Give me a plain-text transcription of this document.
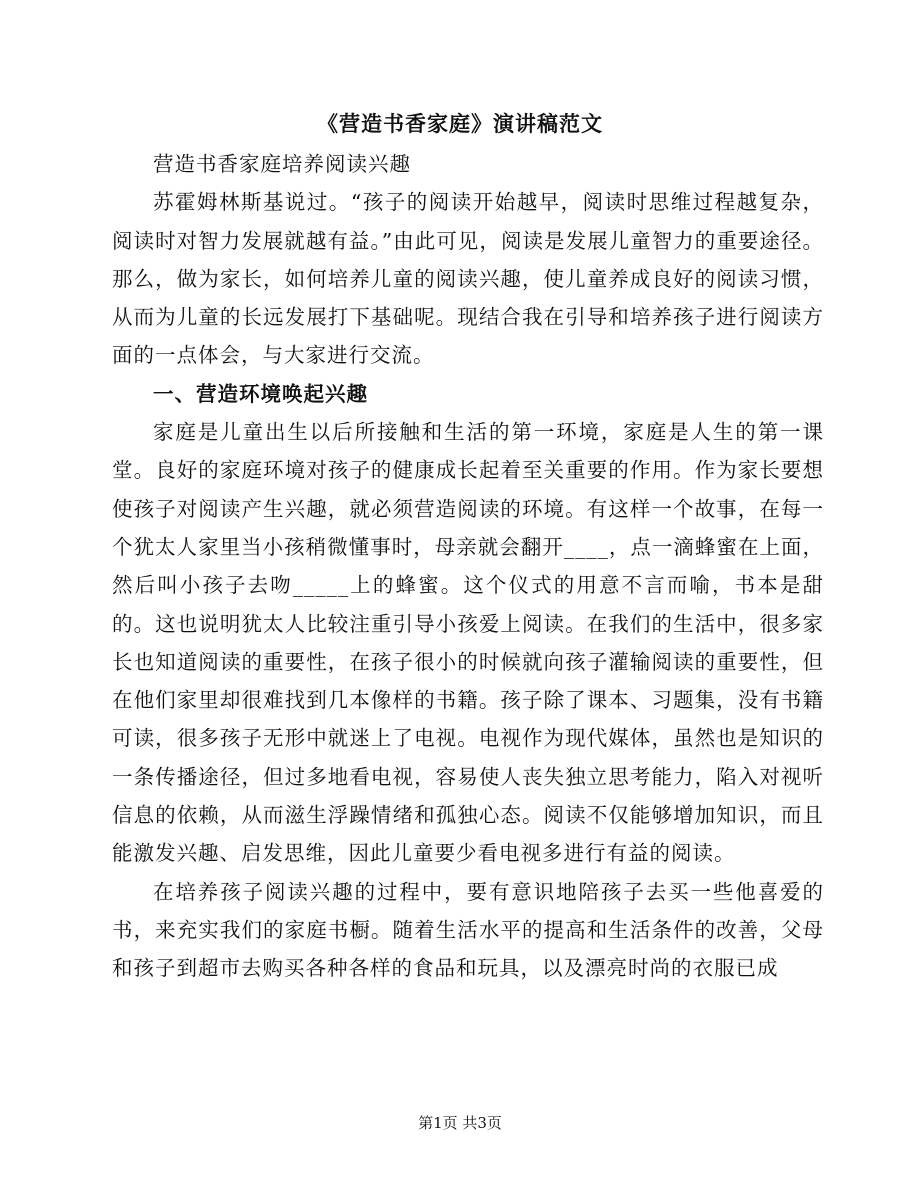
《营造书香家庭》演讲稿范文

营造书香家庭培养阅读兴趣

苏霍姆林斯基说过。“孩子的阅读开始越早，阅读时思维过程越复杂，阅读时对智力发展就越有益。”由此可见，阅读是发展儿童智力的重要途径。那么，做为家长，如何培养儿童的阅读兴趣，使儿童养成良好的阅读习惯，从而为儿童的长远发展打下基础呢。现结合我在引导和培养孩子进行阅读方面的一点体会，与大家进行交流。

一、营造环境唤起兴趣

家庭是儿童出生以后所接触和生活的第一环境，家庭是人生的第一课堂。良好的家庭环境对孩子的健康成长起着至关重要的作用。作为家长要想使孩子对阅读产生兴趣，就必须营造阅读的环境。有这样一个故事，在每一个犹太人家里当小孩稍微懂事时，母亲就会翻开____，点一滴蜂蜜在上面，然后叫小孩子去吻_____上的蜂蜜。这个仪式的用意不言而喻，书本是甜的。这也说明犹太人比较注重引导小孩爱上阅读。在我们的生活中，很多家长也知道阅读的重要性，在孩子很小的时候就向孩子灌输阅读的重要性，但在他们家里却很难找到几本像样的书籍。孩子除了课本、习题集，没有书籍可读，很多孩子无形中就迷上了电视。电视作为现代媒体，虽然也是知识的一条传播途径，但过多地看电视，容易使人丧失独立思考能力，陷入对视听信息的依赖，从而滋生浮躁情绪和孤独心态。阅读不仅能够增加知识，而且能激发兴趣、启发思维，因此儿童要少看电视多进行有益的阅读。

在培养孩子阅读兴趣的过程中，要有意识地陪孩子去买一些他喜爱的书，来充实我们的家庭书橱。随着生活水平的提高和生活条件的改善，父母和孩子到超市去购买各种各样的食品和玩具，以及漂亮时尚的衣服已成

第1页 共3页
